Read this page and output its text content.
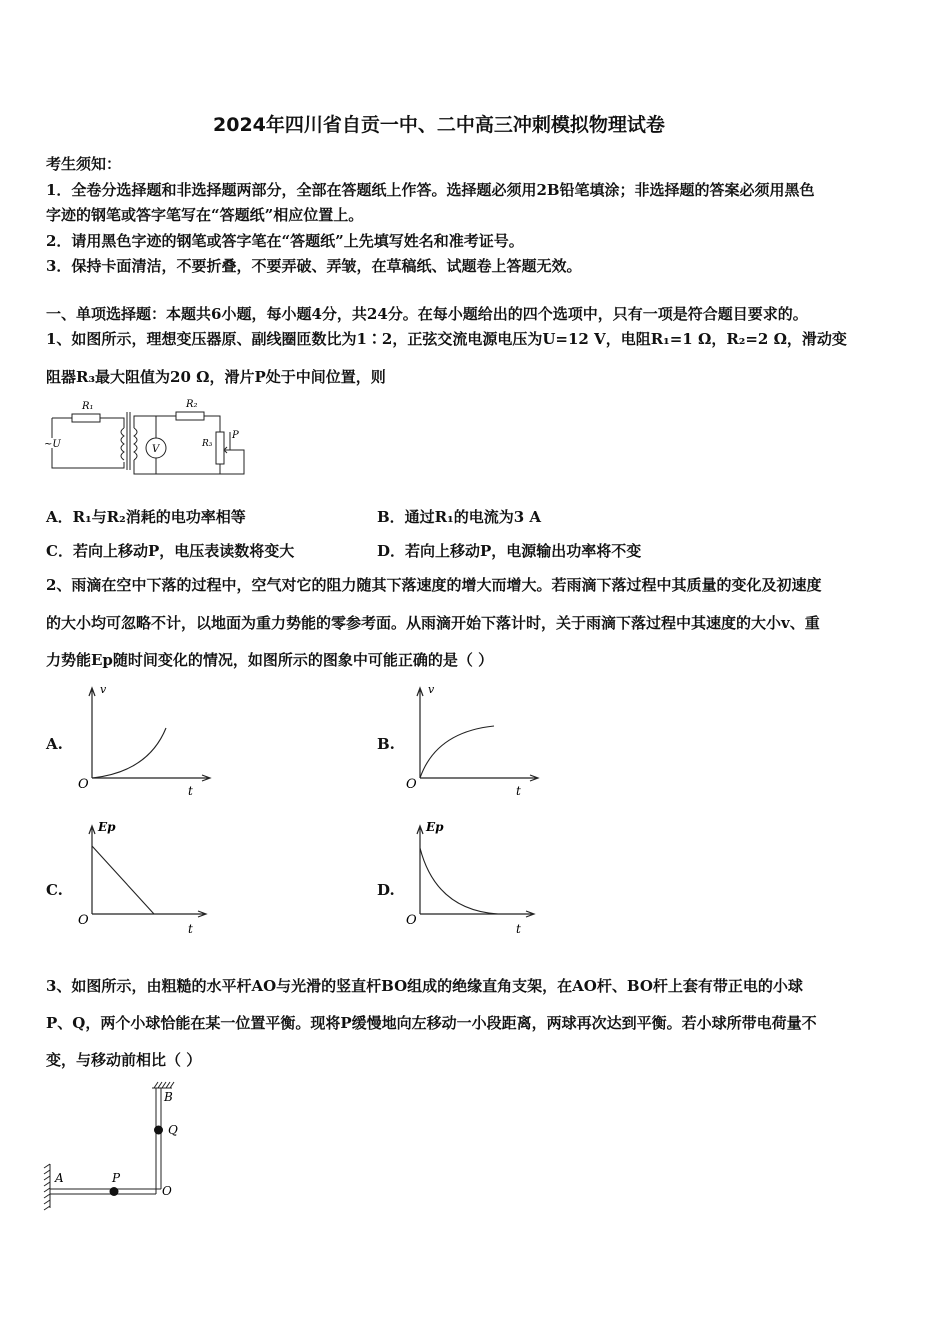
2024年四川省自贡一中、二中高三冲刺模拟物理试卷
考生须知：
1．全卷分选择题和非选择题两部分，全部在答题纸上作答。选择题必须用2B铅笔填涂；非选择题的答案必须用黑色
字迹的钢笔或答字笔写在“答题纸”相应位置上。
2．请用黑色字迹的钢笔或答字笔在“答题纸”上先填写姓名和准考证号。
3．保持卡面清洁，不要折叠，不要弄破、弄皱，在草稿纸、试题卷上答题无效。
一、单项选择题：本题共6小题，每小题4分，共24分。在每小题给出的四个选项中，只有一项是符合题目要求的。
1、如图所示，理想变压器原、副线圈匝数比为1∶2，正弦交流电源电压为U=12 V，电阻R₁=1 Ω，R₂=2 Ω，滑动变
阻器R₃最大阻值为20 Ω，滑片P处于中间位置，则
R₁	R₂
R₃
P
~U	V
A．R₁与R₂消耗的电功率相等	B．通过R₁的电流为3 A
C．若向上移动P，电压表读数将变大	D．若向上移动P，电源输出功率将不变
2、雨滴在空中下落的过程中，空气对它的阻力随其下落速度的增大而增大。若雨滴下落过程中其质量的变化及初速度
的大小均可忽略不计，以地面为重力势能的零参考面。从雨滴开始下落计时，关于雨滴下落过程中其速度的大小v、重
力势能Ep随时间变化的情况，如图所示的图象中可能正确的是（ ）
A.
v
O	t
B.
v
O	t
C.
Ep
O
t
D.
Ep
O
t
3、如图所示，由粗糙的水平杆AO与光滑的竖直杆BO组成的绝缘直角支架，在AO杆、BO杆上套有带正电的小球
P、Q，两个小球恰能在某一位置平衡。现将P缓慢地向左移动一小段距离，两球再次达到平衡。若小球所带电荷量不
变，与移动前相比（ ）
B
Q
A	P
O
